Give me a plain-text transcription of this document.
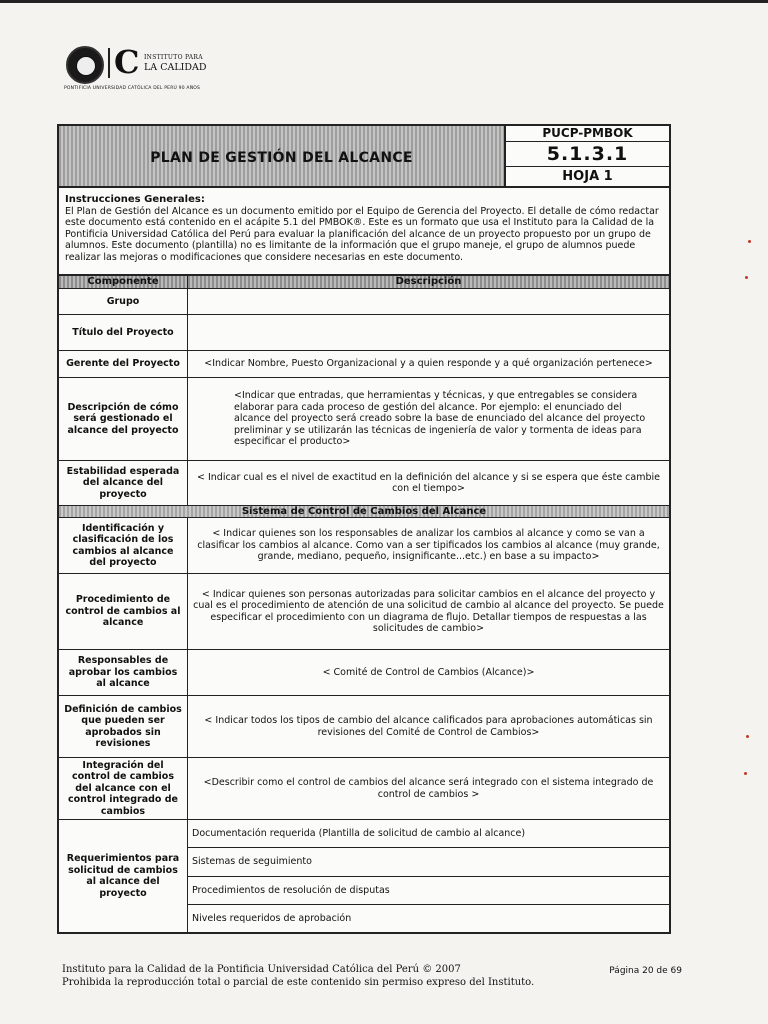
C INSTITUTO PARA
LA CALIDAD
PONTIFICIA UNIVERSIDAD CATÓLICA DEL PERÚ 90 AÑOS
PLAN DE GESTIÓN DEL ALCANCE
PUCP-PMBOK
5.1.3.1
HOJA 1
Instrucciones Generales:
El Plan de Gestión del Alcance es un documento emitido por el Equipo de Gerencia del Proyecto. El detalle de cómo redactar este documento está contenido en el acápite 5.1 del PMBOK®. Este es un formato que usa el Instituto para la Calidad de la Pontificia Universidad Católica del Perú para evaluar la planificación del alcance de un proyecto propuesto por un grupo de alumnos. Este documento (plantilla) no es limitante de la información que el grupo maneje, el grupo de alumnos puede realizar las mejoras o modificaciones que considere necesarias en este documento.
Componente	Descripción
Grupo
Título del Proyecto
Gerente del Proyecto	<Indicar Nombre, Puesto Organizacional y a quien responde y a qué organización pertenece>
Descripción de cómo será gestionado el alcance del proyecto
<Indicar que entradas, que herramientas y técnicas, y que entregables se considera elaborar para cada proceso de gestión del alcance. Por ejemplo: el enunciado del alcance del proyecto será creado sobre la base de enunciado del alcance del proyecto preliminar y se utilizarán las técnicas de ingeniería de valor y tormenta de ideas para especificar el producto>
Estabilidad esperada del alcance del proyecto
< Indicar cual es el nivel de exactitud en la definición del alcance y si se espera que éste cambie con el tiempo>
Sistema de Control de Cambios del Alcance
Identificación y clasificación de los cambios al alcance del proyecto
< Indicar quienes son los responsables de analizar los cambios al alcance y como se van a clasificar los cambios al alcance. Como van a ser tipificados los cambios al alcance (muy grande, grande, mediano, pequeño, insignificante...etc.) en base a su impacto>
Procedimiento de control de cambios al alcance
< Indicar quienes son personas autorizadas para solicitar cambios en el alcance del proyecto y cual es el procedimiento de atención de una solicitud de cambio al alcance del proyecto. Se puede especificar el procedimiento con un diagrama de flujo. Detallar tiempos de respuestas a las solicitudes de cambio>
Responsables de aprobar los cambios al alcance
< Comité de Control de Cambios (Alcance)>
Definición de cambios que pueden ser aprobados sin revisiones
< Indicar todos los tipos de cambio del alcance calificados para aprobaciones automáticas sin revisiones del Comité de Control de Cambios>
Integración del control de cambios del alcance con el control integrado de cambios
<Describir como el control de cambios del alcance será integrado con el sistema integrado de control de cambios >
Requerimientos para solicitud de cambios al alcance del proyecto
Documentación requerida (Plantilla de solicitud de cambio al alcance)
Sistemas de seguimiento
Procedimientos de resolución de disputas
Niveles requeridos de aprobación
Instituto para la Calidad de la Pontificia Universidad Católica del Perú © 2007
Prohibida la reproducción total o parcial de este contenido sin permiso expreso del Instituto.
Página 20 de 69
